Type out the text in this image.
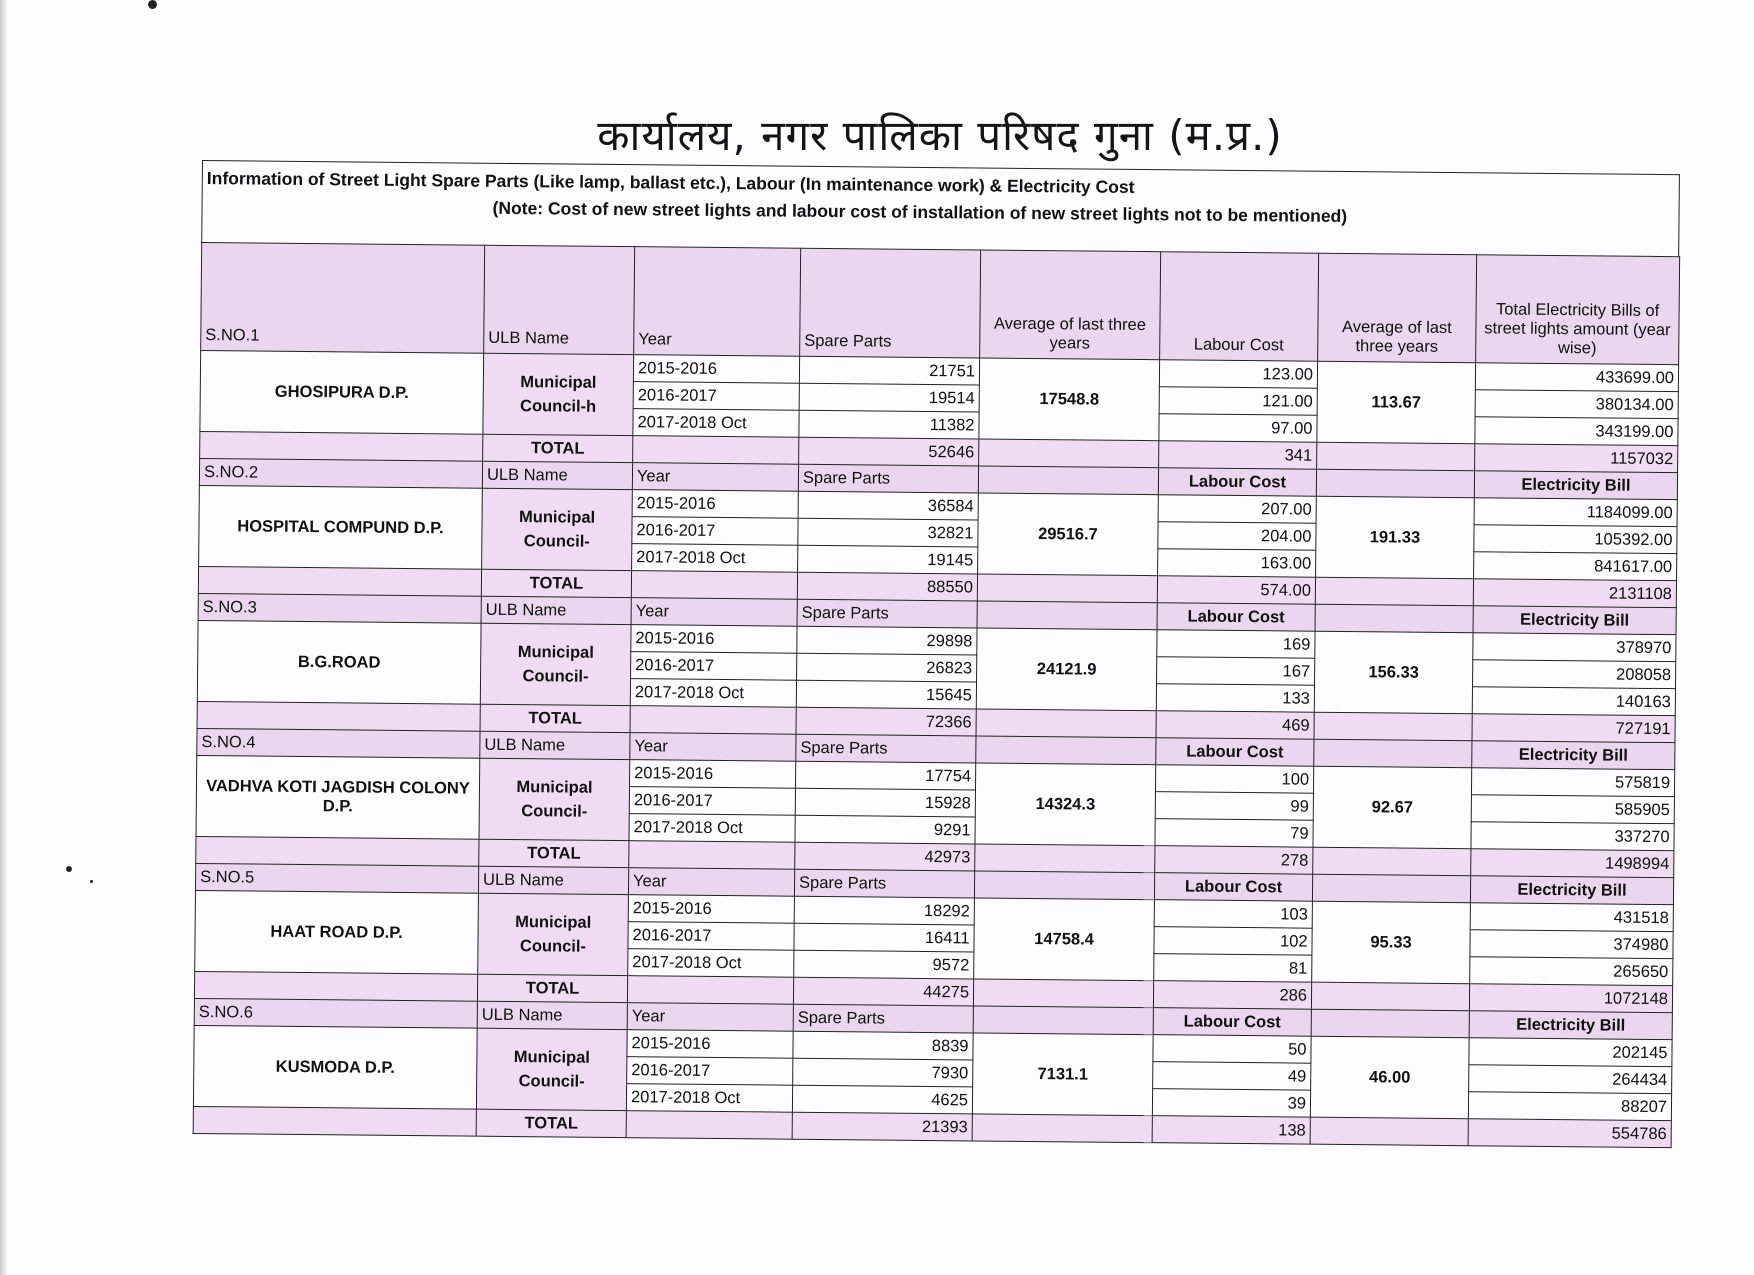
कार्यालय, नगर पालिका परिषद गुना (म.प्र.)
Information of Street Light Spare Parts (Like lamp, ballast etc.), Labour (In maintenance work) & Electricity Cost
(Note: Cost of new street lights and labour cost of installation of new street lights not to be mentioned)
S.NO.1	ULB Name	Year	Spare Parts	Average of last three years	Labour Cost	Average of last three years	Total Electricity Bills of street lights amount (year wise)
GHOSIPURA D.P.	Municipal Council-h	2015-2016	21751	17548.8	123.00	113.67	433699.00
		2016-2017	19514		121.00		380134.00
		2017-2018 Oct	11382		97.00		343199.00
	TOTAL		52646		341		1157032
S.NO.2	ULB Name	Year	Spare Parts		Labour Cost		Electricity Bill
HOSPITAL COMPUND D.P.	Municipal Council-	2015-2016	36584	29516.7	207.00	191.33	1184099.00
		2016-2017	32821		204.00		105392.00
		2017-2018 Oct	19145		163.00		841617.00
	TOTAL		88550		574.00		2131108
S.NO.3	ULB Name	Year	Spare Parts		Labour Cost		Electricity Bill
B.G.ROAD	Municipal Council-	2015-2016	29898	24121.9	169	156.33	378970
		2016-2017	26823		167		208058
		2017-2018 Oct	15645		133		140163
	TOTAL		72366		469		727191
S.NO.4	ULB Name	Year	Spare Parts		Labour Cost		Electricity Bill
VADHVA KOTI JAGDISH COLONY D.P.	Municipal Council-	2015-2016	17754	14324.3	100	92.67	575819
		2016-2017	15928		99		585905
		2017-2018 Oct	9291		79		337270
	TOTAL		42973		278		1498994
S.NO.5	ULB Name	Year	Spare Parts		Labour Cost		Electricity Bill
HAAT ROAD D.P.	Municipal Council-	2015-2016	18292	14758.4	103	95.33	431518
		2016-2017	16411		102		374980
		2017-2018 Oct	9572		81		265650
	TOTAL		44275		286		1072148
S.NO.6	ULB Name	Year	Spare Parts		Labour Cost		Electricity Bill
KUSMODA D.P.	Municipal Council-	2015-2016	8839	7131.1	50	46.00	202145
		2016-2017	7930		49		264434
		2017-2018 Oct	4625		39		88207
	TOTAL		21393		138		554786
